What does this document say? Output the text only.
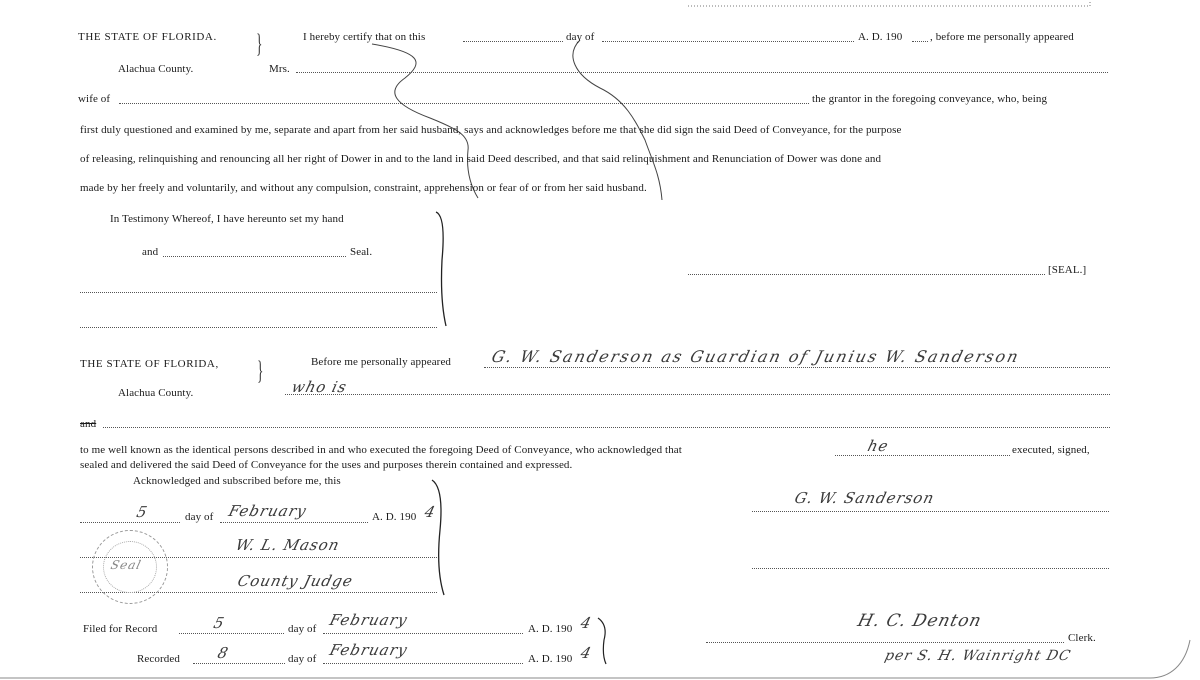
THE STATE OF FLORIDA. }	I hereby certify that on this	day of	A. D. 190	, before me personally appeared
Alachua County.	Mrs.
wife of	the grantor in the foregoing conveyance, who, being
first duly questioned and examined by me, separate and apart from her said husband, says and acknowledges before me that she did sign the said Deed of Conveyance, for the purpose
of releasing, relinquishing and renouncing all her right of Dower in and to the land in said Deed described, and that said relinquishment and Renunciation of Dower was done and
made by her freely and voluntarily, and without any compulsion, constraint, apprehension or fear of or from her said husband.
In Testimony Whereof, I have hereunto set my hand
and	Seal.
[SEAL.]
THE STATE OF FLORIDA, }	Before me personally appeared G. W. Sanderson as Guardian of Junius W. Sanderson
Alachua County.	who is
and
to me well known as the identical persons described in and who executed the foregoing Deed of Conveyance, who acknowledged that	he	executed, signed,
sealed and delivered the said Deed of Conveyance for the uses and purposes therein contained and expressed.
Acknowledged and subscribed before me, this
5	day of February	A. D. 190 4
W. L. Mason
County Judge
Seal
G. W. Sanderson
Filed for Record	5	day of February	A. D. 190 4
Recorded 8	day of February	A. D. 190 4
H. C. Denton
Clerk.
per S. H. Wainright DC
